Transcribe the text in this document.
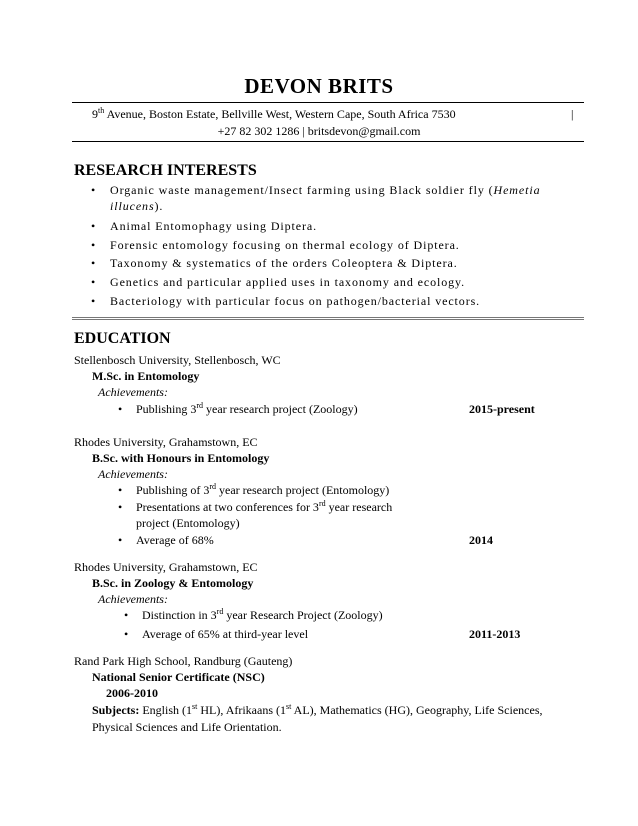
DEVON BRITS
9th Avenue, Boston Estate, Bellville West, Western Cape, South Africa 7530	|
+27 82 302 1286 | britsdevon@gmail.com
RESEARCH INTERESTS
• Organic waste management/Insect farming using Black soldier fly (Hemetia
illucens).
• Animal Entomophagy using Diptera.
• Forensic entomology focusing on thermal ecology of Diptera.
• Taxonomy & systematics of the orders Coleoptera & Diptera.
• Genetics and particular applied uses in taxonomy and ecology.
• Bacteriology with particular focus on pathogen/bacterial vectors.
EDUCATION
Stellenbosch University, Stellenbosch, WC
M.Sc. in Entomology
Achievements:
• Publishing 3rd year research project (Zoology)	2015-present
Rhodes University, Grahamstown, EC
B.Sc. with Honours in Entomology
Achievements:
• Publishing of 3rd year research project (Entomology)
• Presentations at two conferences for 3rd year research
project (Entomology)
• Average of 68%	2014
Rhodes University, Grahamstown, EC
B.Sc. in Zoology & Entomology
Achievements:
• Distinction in 3rd year Research Project (Zoology)
• Average of 65% at third-year level	2011-2013
Rand Park High School, Randburg (Gauteng)
National Senior Certificate (NSC)
2006-2010
Subjects: English (1st HL), Afrikaans (1st AL), Mathematics (HG), Geography, Life Sciences,
Physical Sciences and Life Orientation.
